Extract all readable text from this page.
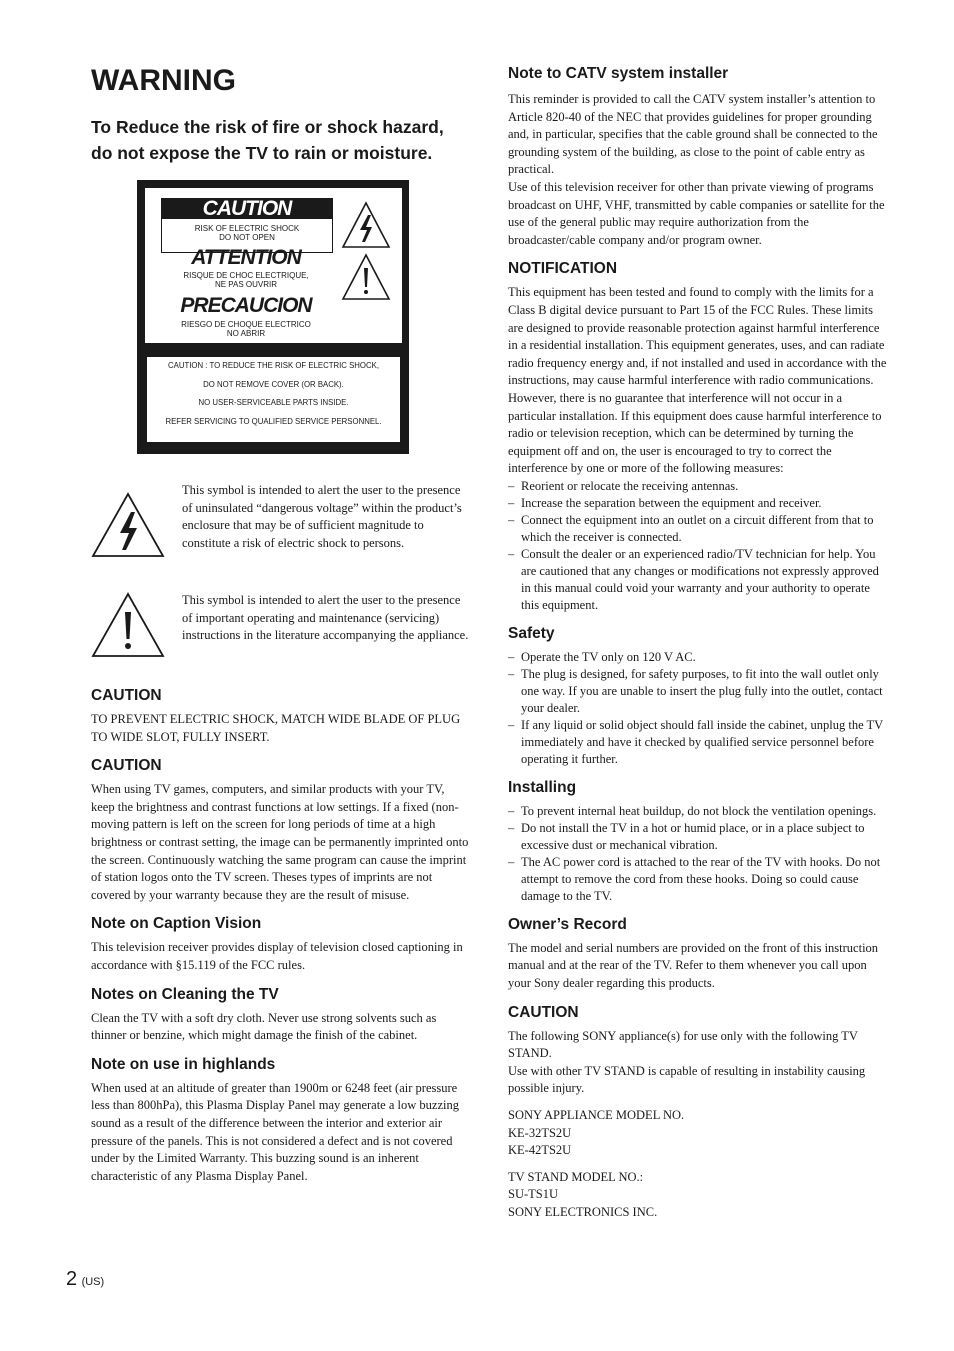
WARNING

To Reduce the risk of fire or shock hazard, do not expose the TV to rain or moisture.

CAUTION
RISK OF ELECTRIC SHOCK
DO NOT OPEN
ATTENTION
RISQUE DE CHOC ELECTRIQUE,
NE PAS OUVRIR
PRECAUCION
RIESGO DE CHOQUE ELECTRICO
NO ABRIR

CAUTION : TO REDUCE THE RISK OF ELECTRIC SHOCK,

DO NOT REMOVE COVER (OR BACK).

NO USER-SERVICEABLE PARTS INSIDE.

REFER SERVICING TO QUALIFIED SERVICE PERSONNEL.

This symbol is intended to alert the user to the presence of uninsulated “dangerous voltage” within the product’s enclosure that may be of sufficient magnitude to constitute a risk of electric shock to persons.
This symbol is intended to alert the user to the presence of important operating and maintenance (servicing) instructions in the literature accompanying the appliance.
CAUTION

TO PREVENT ELECTRIC SHOCK, MATCH WIDE BLADE OF PLUG TO WIDE SLOT, FULLY INSERT.

CAUTION

When using TV games, computers, and similar products with your TV, keep the brightness and contrast functions at low settings. If a fixed (non-moving pattern is left on the screen for long periods of time at a high brightness or contrast setting, the image can be permanently imprinted onto the screen. Continuously watching the same program can cause the imprint of station logos onto the TV screen. Theses types of imprints are not covered by your warranty because they are the result of misuse.

Note on Caption Vision

This television receiver provides display of television closed captioning in accordance with §15.119 of the FCC rules.

Notes on Cleaning the TV

Clean the TV with a soft dry cloth. Never use strong solvents such as thinner or benzine, which might damage the finish of the cabinet.

Note on use in highlands

When used at an altitude of greater than 1900m or 6248 feet (air pressure less than 800hPa), this Plasma Display Panel may generate a low buzzing sound as a result of the difference between the interior and exterior air pressure of the panels. This is not considered a defect and is not covered under by the Limited Warranty. This buzzing sound is an inherent characteristic of any Plasma Display Panel.

Note to CATV system installer

This reminder is provided to call the CATV system installer’s attention to Article 820-40 of the NEC that provides guidelines for proper grounding and, in particular, specifies that the cable ground shall be connected to the grounding system of the building, as close to the point of cable entry as practical.

Use of this television receiver for other than private viewing of programs broadcast on UHF, VHF, transmitted by cable companies or satellite for the use of the general public may require authorization from the broadcaster/cable company and/or program owner.

NOTIFICATION

This equipment has been tested and found to comply with the limits for a Class B digital device pursuant to Part 15 of the FCC Rules. These limits are designed to provide reasonable protection against harmful interference in a residential installation. This equipment generates, uses, and can radiate radio frequency energy and, if not installed and used in accordance with the instructions, may cause harmful interference with radio communications. However, there is no guarantee that interference will not occur in a particular installation. If this equipment does cause harmful interference to radio or television reception, which can be determined by turning the equipment off and on, the user is encouraged to try to correct the interference by one or more of the following measures:

– Reorient or relocate the receiving antennas.
– Increase the separation between the equipment and receiver.
– Connect the equipment into an outlet on a circuit different from that to which the receiver is connected.
– Consult the dealer or an experienced radio/TV technician for help. You are cautioned that any changes or modifications not expressly approved in this manual could void your warranty and your authority to operate this equipment.
Safety
– Operate the TV only on 120 V AC.
– The plug is designed, for safety purposes, to fit into the wall outlet only one way. If you are unable to insert the plug fully into the outlet, contact your dealer.
– If any liquid or solid object should fall inside the cabinet, unplug the TV immediately and have it checked by qualified service personnel before operating it further.
Installing
– To prevent internal heat buildup, do not block the ventilation openings.
– Do not install the TV in a hot or humid place, or in a place subject to excessive dust or mechanical vibration.
– The AC power cord is attached to the rear of the TV with hooks. Do not attempt to remove the cord from these hooks. Doing so could cause damage to the TV.
Owner’s Record

The model and serial numbers are provided on the front of this instruction manual and at the rear of the TV. Refer to them whenever you call upon your Sony dealer regarding this products.

CAUTION

The following SONY appliance(s) for use only with the following TV STAND.

Use with other TV STAND is capable of resulting in instability causing possible injury.

SONY APPLIANCE MODEL NO.

KE-32TS2U

KE-42TS2U

TV STAND MODEL NO.:

SU-TS1U

SONY ELECTRONICS INC.

2 (US)
